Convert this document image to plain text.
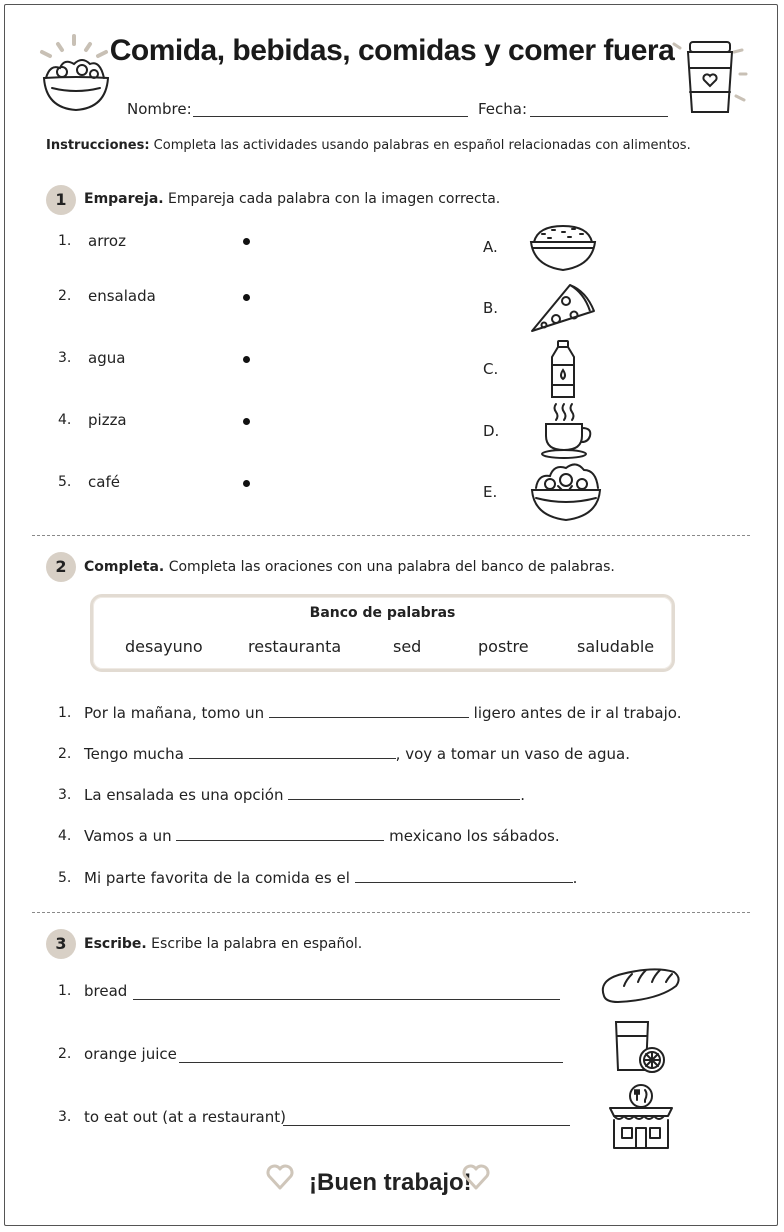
Comida, bebidas, comidas y comer fuera
Nombre:	Fecha:
Instrucciones: Completa las actividades usando palabras en español relacionadas con alimentos.
1	Empareja. Empareja cada palabra con la imagen correcta.
1. arroz
2. ensalada
3. agua
4. pizza
5. café
A.
B.
C.
D.
E.
2	Completa. Completa las oraciones con una palabra del banco de palabras.
Banco de palabras
desayuno	restauranta	sed	postre	saludable
1. Por la mañana, tomo un	ligero antes de ir al trabajo.
2. Tengo mucha	, voy a tomar un vaso de agua.
3. La ensalada es una opción	.
4. Vamos a un	mexicano los sábados.
5. Mi parte favorita de la comida es el	.
3	Escribe. Escribe la palabra en español.
1. bread
2. orange juice
3. to eat out (at a restaurant)
¡Buen trabajo!
